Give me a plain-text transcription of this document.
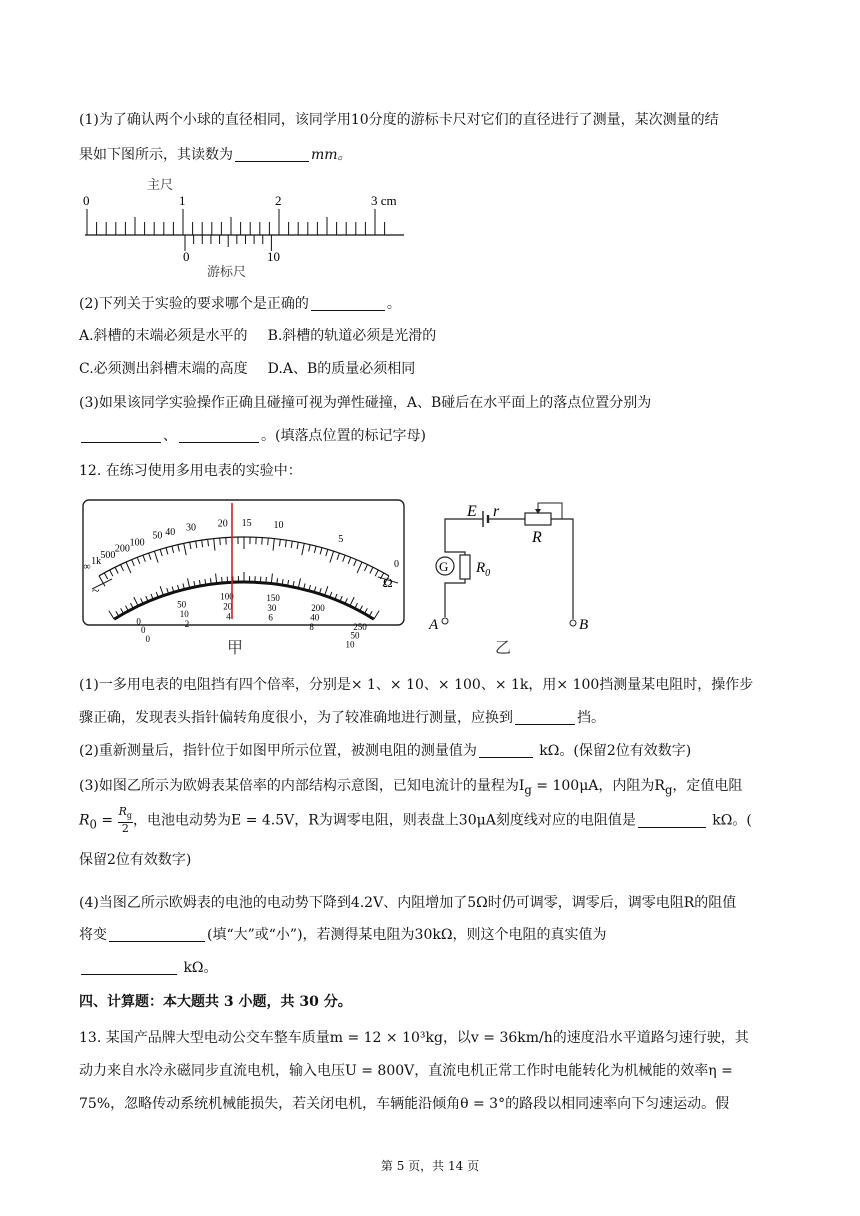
(1)为了确认两个小球的直径相同，该同学用10分度的游标卡尺对它们的直径进行了测量，某次测量的结
果如下图所示，其读数为	mm。
主尺
0	1	2	3 cm
0	10
游标尺
(2)下列关于实验的要求哪个是正确的	。
A.斜槽的末端必须是水平的 B.斜槽的轨道必须是光滑的
C.必须测出斜槽末端的高度 D.A、B的质量必须相同
(3)如果该同学实验操作正确且碰撞可视为弹性碰撞，A、B碰后在水平面上的落点位置分别为
、	。(填落点位置的标记字母)
12. 在练习使用多用电表的实验中：
∞ 1k
500
200
100
50 40 30 20 15 10
5
0
0
50
100	150
200
250
0
10
20	30
40
50
0
2
4	6
8
10
~
Ω
甲
E r
R
G $R_0$
A	B
乙
(1)一多用电表的电阻挡有四个倍率，分别是× 1、× 10、× 100、× 1k，用× 100挡测量某电阻时，操作步
骤正确，发现表头指针偏转角度很小，为了较准确地进行测量，应换到	挡。
(2)重新测量后，指针位于如图甲所示位置，被测电阻的测量值为	kΩ。(保留2位有效数字)
(3)如图乙所示为欧姆表某倍率的内部结构示意图，已知电流计的量程为$I_g = 100\mu A$，内阻为$R_g$，定值电阻
$R_0 = \frac{R_g}{2}$ ，电池电动势为E = 4.5V，R为调零电阻，则表盘上30μA刻度线对应的电阻值是	kΩ。(
保留2位有效数字)
(4)当图乙所示欧姆表的电池的电动势下降到4.2V、内阻增加了5Ω时仍可调零，调零后，调零电阻R的阻值
将变	(填“大”或“小”)，若测得某电阻为30kΩ，则这个电阻的真实值为
kΩ。
四、计算题：本大题共 3 小题，共 30 分。
13. 某国产品牌大型电动公交车整车质量m = 12 × 10³kg，以v = 36km/h的速度沿水平道路匀速行驶，其
动力来自水冷永磁同步直流电机，输入电压U = 800V，直流电机正常工作时电能转化为机械能的效率η =
75%，忽略传动系统机械能损失，若关闭电机，车辆能沿倾角θ = 3°的路段以相同速率向下匀速运动。假
第 5 页，共 14 页
